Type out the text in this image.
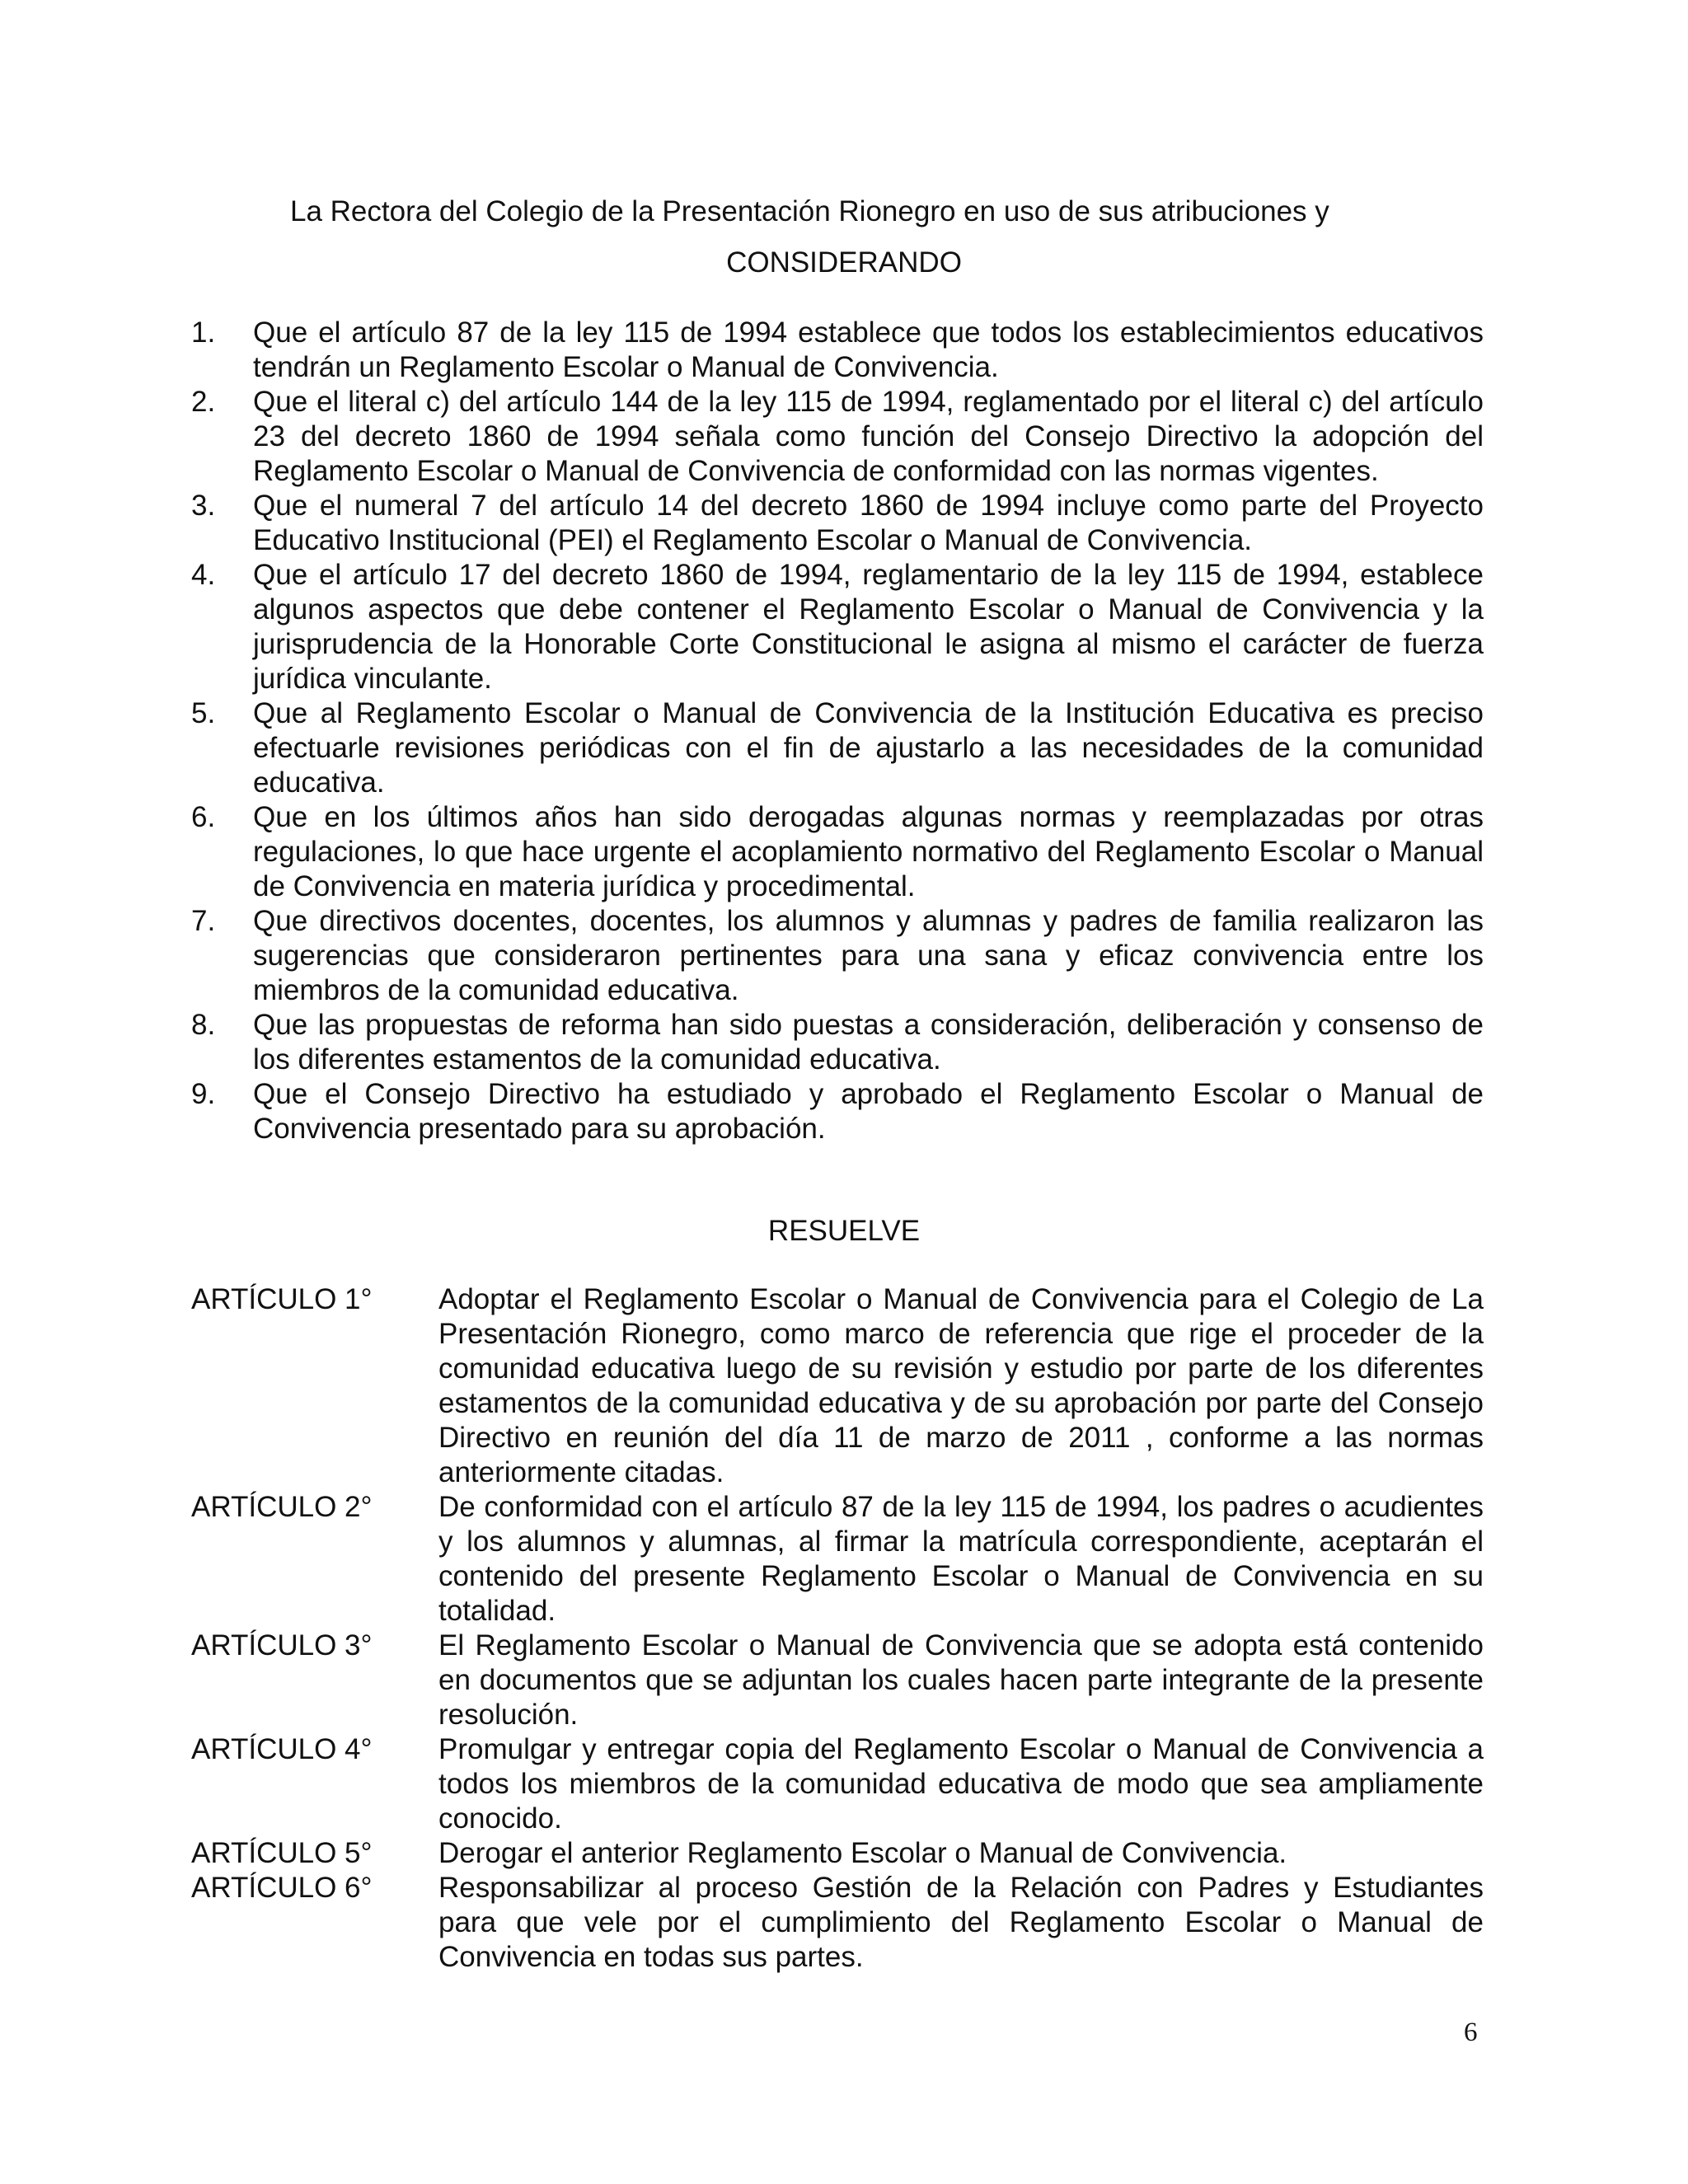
La Rectora del Colegio de la Presentación Rionegro en uso de sus atribuciones y
CONSIDERANDO
1. Que el artículo 87 de la ley 115 de 1994 establece que todos los establecimientos educativos tendrán un Reglamento Escolar o Manual de Convivencia.
2. Que el literal c) del artículo 144 de la ley 115 de 1994, reglamentado por el literal c) del artículo 23 del decreto 1860 de 1994 señala como función del Consejo Directivo la adopción del Reglamento Escolar o Manual de Convivencia de conformidad con las normas vigentes.
3. Que el numeral 7 del artículo 14 del decreto 1860 de 1994 incluye como parte del Proyecto Educativo Institucional (PEI) el Reglamento Escolar o Manual de Convivencia.
4. Que el artículo 17 del decreto 1860 de 1994, reglamentario de la ley 115 de 1994, establece algunos aspectos que debe contener el Reglamento Escolar o Manual de Convivencia y la jurisprudencia de la Honorable Corte Constitucional le asigna al mismo el carácter de fuerza jurídica vinculante.
5. Que al Reglamento Escolar o Manual de Convivencia de la Institución Educativa es preciso efectuarle revisiones periódicas con el fin de ajustarlo a las necesidades de la comunidad educativa.
6. Que en los últimos años han sido derogadas algunas normas y reemplazadas por otras regulaciones, lo que hace urgente el acoplamiento normativo del Reglamento Escolar o Manual de Convivencia en materia jurídica y procedimental.
7. Que directivos docentes, docentes, los alumnos y alumnas y padres de familia realizaron las sugerencias que consideraron pertinentes para una sana y eficaz convivencia entre los miembros de la comunidad educativa.
8. Que las propuestas de reforma han sido puestas a consideración, deliberación y consenso de los diferentes estamentos de la comunidad educativa.
9. Que el Consejo Directivo ha estudiado y aprobado el Reglamento Escolar o Manual de Convivencia presentado para su aprobación.
RESUELVE
ARTÍCULO 1° Adoptar el Reglamento Escolar o Manual de Convivencia para el Colegio de La Presentación Rionegro, como marco de referencia que rige el proceder de la comunidad educativa luego de su revisión y estudio por parte de los diferentes estamentos de la comunidad educativa y de su aprobación por parte del Consejo Directivo en reunión del día 11 de marzo de 2011 , conforme a las normas anteriormente citadas.
ARTÍCULO 2° De conformidad con el artículo 87 de la ley 115 de 1994, los padres o acudientes y los alumnos y alumnas, al firmar la matrícula correspondiente, aceptarán el contenido del presente Reglamento Escolar o Manual de Convivencia en su totalidad.
ARTÍCULO 3° El Reglamento Escolar o Manual de Convivencia que se adopta está contenido en documentos que se adjuntan los cuales hacen parte integrante de la presente resolución.
ARTÍCULO 4° Promulgar y entregar copia del Reglamento Escolar o Manual de Convivencia a todos los miembros de la comunidad educativa de modo que sea ampliamente conocido.
ARTÍCULO 5° Derogar el anterior Reglamento Escolar o Manual de Convivencia.
ARTÍCULO 6° Responsabilizar al proceso Gestión de la Relación con Padres y Estudiantes para que vele por el cumplimiento del Reglamento Escolar o Manual de Convivencia en todas sus partes.
6
